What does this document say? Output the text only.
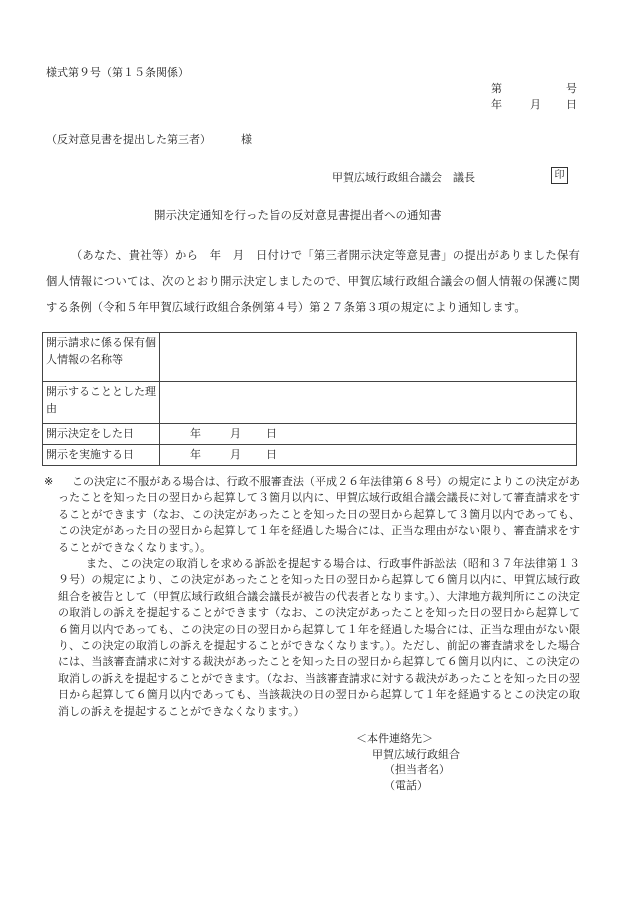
様式第９号（第１５条関係）
第	号
年	月 日
（反対意見書を提出した第三者）	様
甲賀広域行政組合議会　議長	印
開示決定通知を行った旨の反対意見書提出者への通知書
（あなた、貴社等）から　年　月　日付けで「第三者開示決定等意見書」の提出がありました保有個人情報については、次のとおり開示決定しましたので、甲賀広域行政組合議会の個人情報の保護に関する条例（令和５年甲賀広域行政組合条例第４号）第２７条第３項の規定により通知します。
開示請求に係る保有個人情報の名称等	
開示することとした理由	
開示決定をした日	年 月 日
開示を実施する日	年 月 日
※	この決定に不服がある場合は、行政不服審査法（平成２６年法律第６８号）の規定によりこの決定があったことを知った日の翌日から起算して３箇月以内に、甲賀広域行政組合議会議長に対して審査請求をすることができます（なお、この決定があったことを知った日の翌日から起算して３箇月以内であっても、この決定があった日の翌日から起算して１年を経過した場合には、正当な理由がない限り、審査請求をすることができなくなります。）。

また、この決定の取消しを求める訴訟を提起する場合は、行政事件訴訟法（昭和３７年法律第１３９号）の規定により、この決定があったことを知った日の翌日から起算して６箇月以内に、甲賀広域行政組合を被告として（甲賀広域行政組合議会議長が被告の代表者となります。）、大津地方裁判所にこの決定の取消しの訴えを提起することができます（なお、この決定があったことを知った日の翌日から起算して６箇月以内であっても、この決定の日の翌日から起算して１年を経過した場合には、正当な理由がない限り、この決定の取消しの訴えを提起することができなくなります。）。ただし、前記の審査請求をした場合には、当該審査請求に対する裁決があったことを知った日の翌日から起算して６箇月以内に、この決定の取消しの訴えを提起することができます。（なお、当該審査請求に対する裁決があったことを知った日の翌日から起算して６箇月以内であっても、当該裁決の日の翌日から起算して１年を経過するとこの決定の取消しの訴えを提起することができなくなります。）

＜本件連絡先＞
甲賀広域行政組合
（担当者名）
（電話）
